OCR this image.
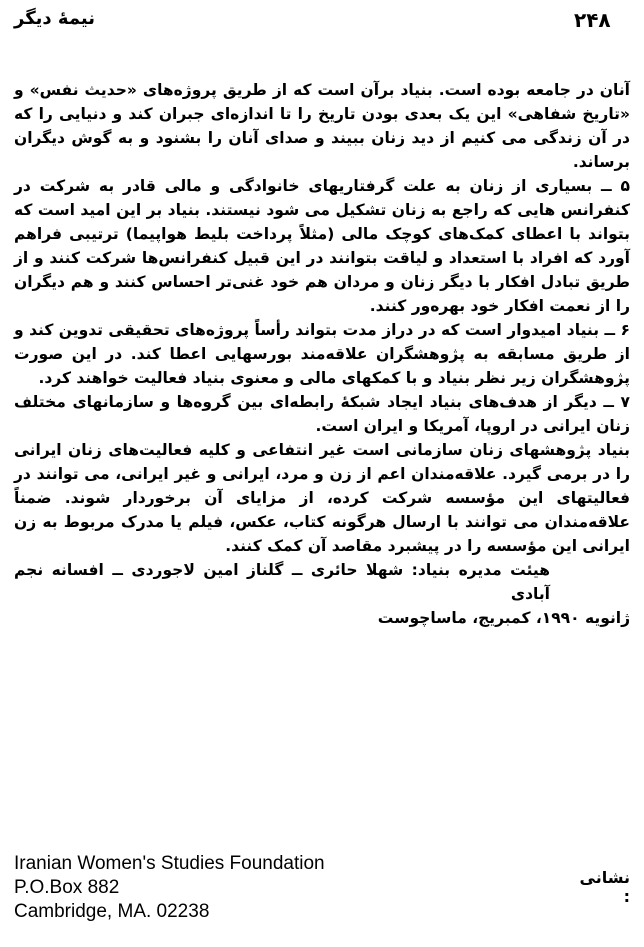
۲۴۸
نیمهٔ دیگر

آنان در جامعه بوده است. بنیاد برآن است که از طریق پروژه‌های «حدیث نفس» و «تاریخ شفاهی» این یک بعدی بودن تاریخ را تا اندازه‌ای جبران کند و دنیایی را که در آن زندگی می کنیم از دید زنان ببیند و صدای آنان را بشنود و به گوش دیگران برساند.

۵ ــ بسیاری از زنان به علت گرفتاریهای خانوادگی و مالی قادر به شرکت در کنفرانس هایی که راجع به زنان تشکیل می شود نیستند. بنیاد بر این امید است که بتواند با اعطای کمک‌های کوچک مالی (مثلاً پرداخت بلیط هواپیما) ترتیبی فراهم آورد که افراد با استعداد و لیاقت بتوانند در این قبیل کنفرانس‌ها شرکت کنند و از طریق تبادل افکار با دیگر زنان و مردان هم خود غنی‌تر احساس کنند و هم دیگران را از نعمت افکار خود بهره‌ور کنند.

۶ ــ بنیاد امیدوار است که در دراز مدت بتواند رأساً پروژه‌های تحقیقی تدوین کند و از طریق مسابقه به پژوهشگران علاقه‌مند بورسهایی اعطا کند. در این صورت پژوهشگران زیر نظر بنیاد و با کمکهای مالی و معنوی بنیاد فعالیت خواهند کرد.

۷ ــ دیگر از هدف‌های بنیاد ایجاد شبکهٔ رابطه‌ای بین گروه‌ها و سازمانهای مختلف زنان ایرانی در اروپا، آمریکا و ایران است.

بنیاد پژوهشهای زنان سازمانی است غیر انتفاعی و کلیه فعالیت‌های زنان ایرانی را در برمی گیرد. علاقه‌مندان اعم از زن و مرد، ایرانی و غیر ایرانی، می توانند در فعالیتهای این مؤسسه شرکت کرده، از مزایای آن برخوردار شوند. ضمناً علاقه‌مندان می توانند با ارسال هرگونه کتاب، عکس، فیلم یا مدرک مربوط به زن ایرانی این مؤسسه را در پیشبرد مقاصد آن کمک کنند.

هیئت مدیره بنیاد: شهلا حائری ــ گلناز امین لاجوردی ــ افسانه نجم آبادی

ژانویه ۱۹۹۰، کمبریج، ماساچوست

نشانی :
Iranian Women's Studies Foundation
P.O.Box 882
Cambridge, MA. 02238
